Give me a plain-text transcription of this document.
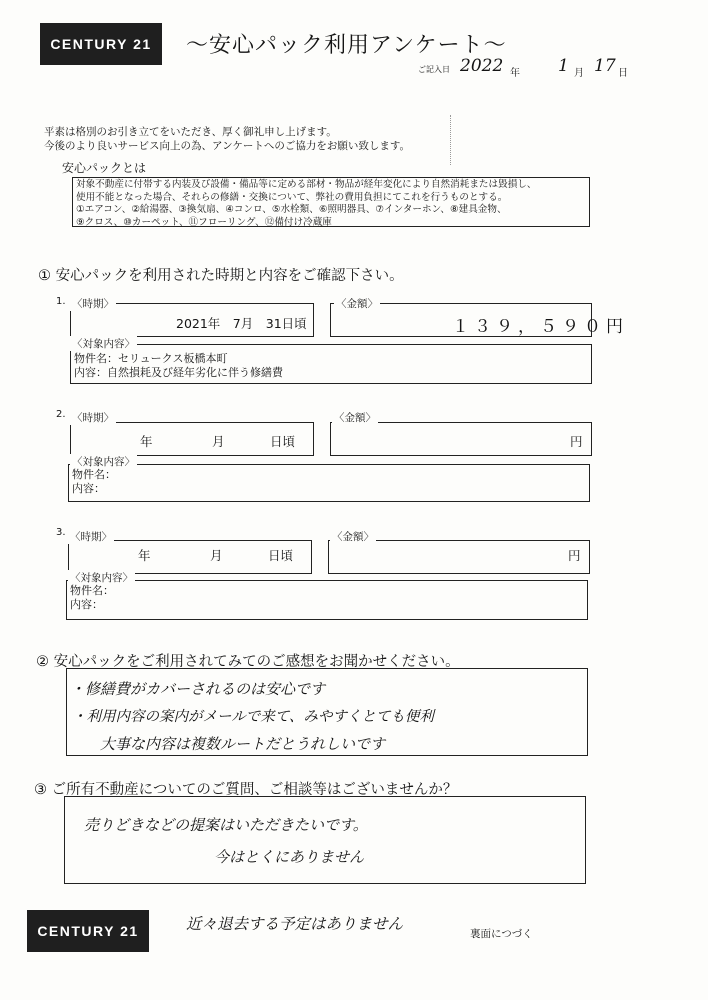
CENTURY 21	〜安心パック利用アンケート〜
ご記入日 2022 年 1 月 17 日
平素は格別のお引き立てをいただき、厚く御礼申し上げます。
今後のより良いサービス向上の為、アンケートへのご協力をお願い致します。
安心パックとは
対象不動産に付帯する内装及び設備・備品等に定める部材・物品が経年変化により自然消耗または毀損し、
使用不能となった場合、それらの修繕・交換について、弊社の費用負担にてこれを行うものとする。
①エアコン、②給湯器、③換気扇、④コンロ、⑤水栓類、⑥照明器具、⑦インターホン、⑧建具金物、
⑨クロス、⑩カーペット、⑪フローリング、⑫備付け冷蔵庫
① 安心パックを利用された時期と内容をご確認下さい。
1. 〈時期〉
2021年　7月　31日頃
〈金額〉
１３９，５９０円
〈対象内容〉
物件名：セリュークス板橋本町
内容：自然損耗及び経年劣化に伴う修繕費
2. 〈時期〉
年	月	日頃
〈金額〉
円
〈対象内容〉
物件名：
内容：
3. 〈時期〉
年	月	日頃
〈金額〉
円
〈対象内容〉
物件名：
内容：
② 安心パックをご利用されてみてのご感想をお聞かせください。
・修繕費がカバーされるのは安心です
・利用内容の案内がメールで来て、みやすくとても便利
大事な内容は複数ルートだとうれしいです
③ ご所有不動産についてのご質問、ご相談等はございませんか？
売りどきなどの提案はいただきたいです。
今はとくにありません
CENTURY 21	近々退去する予定はありません
裏面につづく
